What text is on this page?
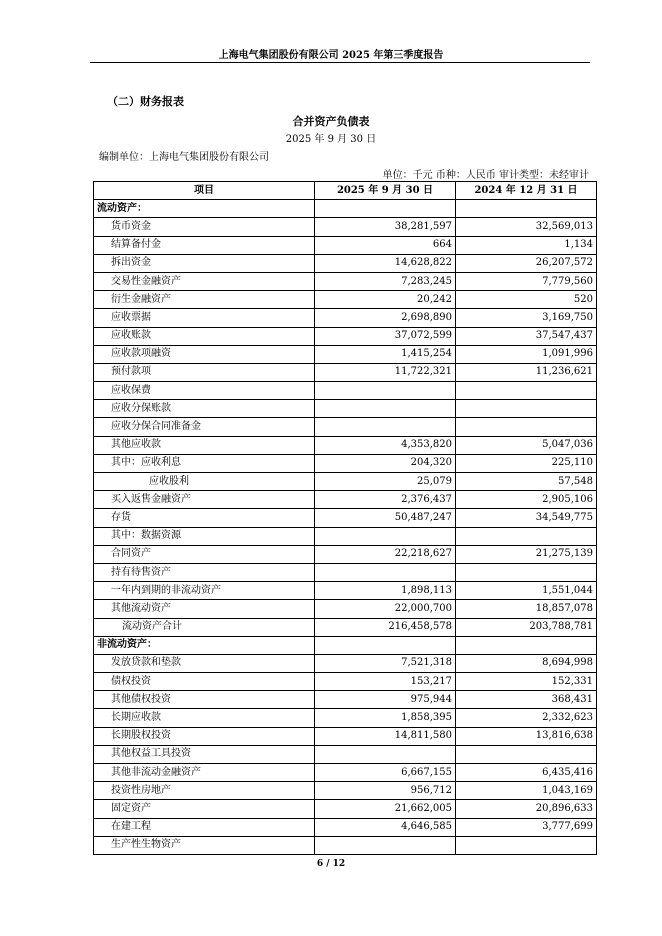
上海电气集团股份有限公司 2025 年第三季度报告
（二）财务报表
合并资产负债表
2025 年 9 月 30 日
编制单位：上海电气集团股份有限公司
单位：千元 币种：人民币 审计类型：未经审计
项目	2025 年 9 月 30 日	2024 年 12 月 31 日
流动资产：		
货币资金	38,281,597	32,569,013
结算备付金	664	1,134
拆出资金	14,628,822	26,207,572
交易性金融资产	7,283,245	7,779,560
衍生金融资产	20,242	520
应收票据	2,698,890	3,169,750
应收账款	37,072,599	37,547,437
应收款项融资	1,415,254	1,091,996
预付款项	11,722,321	11,236,621
应收保费		
应收分保账款		
应收分保合同准备金		
其他应收款	4,353,820	5,047,036
其中：应收利息	204,320	225,110
应收股利	25,079	57,548
买入返售金融资产	2,376,437	2,905,106
存货	50,487,247	34,549,775
其中：数据资源		
合同资产	22,218,627	21,275,139
持有待售资产		
一年内到期的非流动资产	1,898,113	1,551,044
其他流动资产	22,000,700	18,857,078
流动资产合计	216,458,578	203,788,781
非流动资产：		
发放贷款和垫款	7,521,318	8,694,998
债权投资	153,217	152,331
其他债权投资	975,944	368,431
长期应收款	1,858,395	2,332,623
长期股权投资	14,811,580	13,816,638
其他权益工具投资		
其他非流动金融资产	6,667,155	6,435,416
投资性房地产	956,712	1,043,169
固定资产	21,662,005	20,896,633
在建工程	4,646,585	3,777,699
生产性生物资产		
6 / 12
